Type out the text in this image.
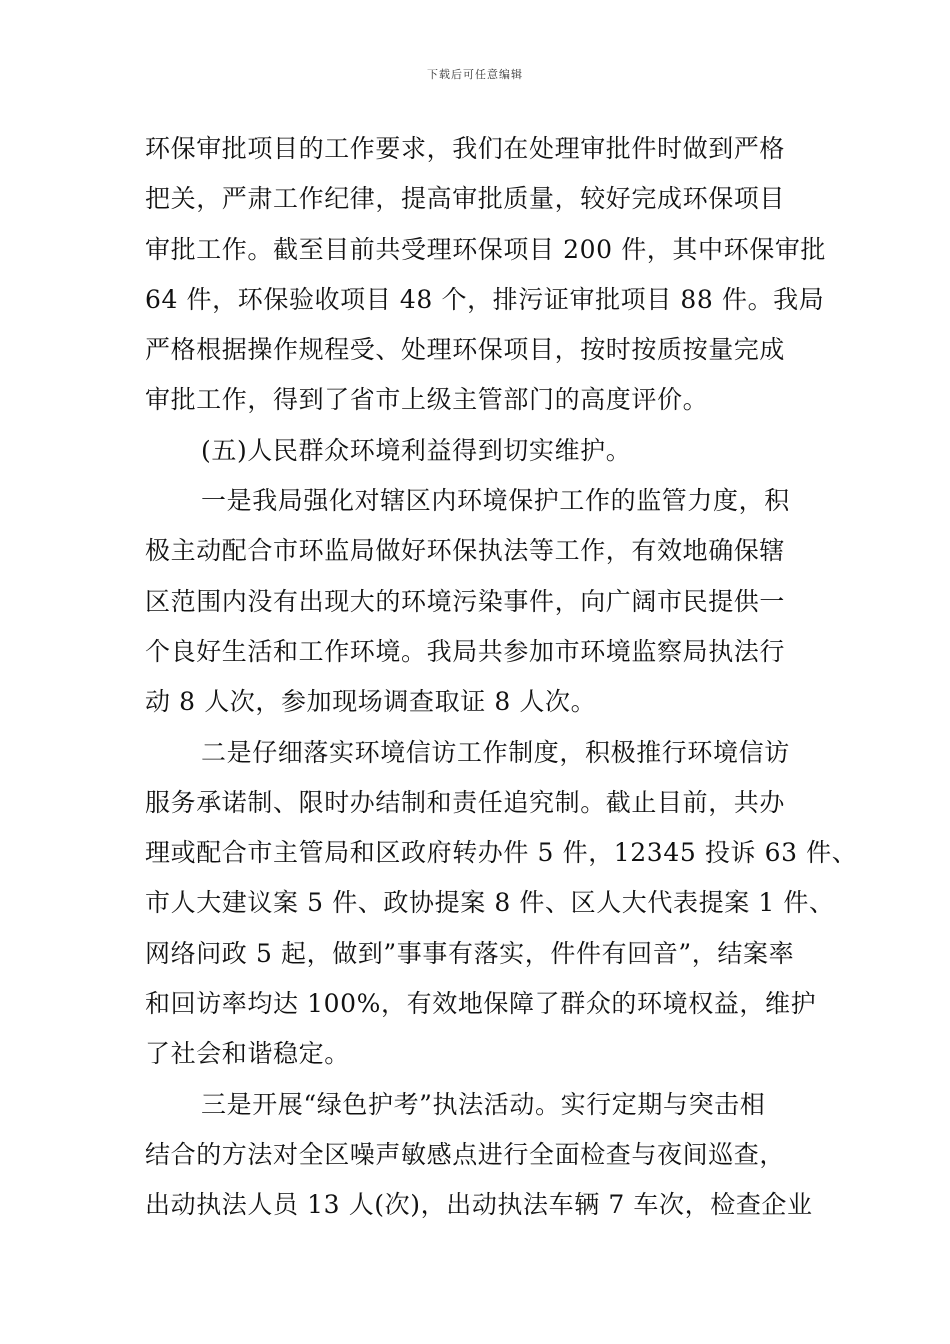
下载后可任意编辑
环保审批项目的工作要求，我们在处理审批件时做到严格
把关，严肃工作纪律，提高审批质量，较好完成环保项目
审批工作。截至目前共受理环保项目 200 件，其中环保审批
64 件，环保验收项目 48 个，排污证审批项目 88 件。我局
严格根据操作规程受、处理环保项目，按时按质按量完成
审批工作，得到了省市上级主管部门的高度评价。
(五)人民群众环境利益得到切实维护。
一是我局强化对辖区内环境保护工作的监管力度，积
极主动配合市环监局做好环保执法等工作，有效地确保辖
区范围内没有出现大的环境污染事件，向广阔市民提供一
个良好生活和工作环境。我局共参加市环境监察局执法行
动 8 人次，参加现场调查取证 8 人次。
二是仔细落实环境信访工作制度，积极推行环境信访
服务承诺制、限时办结制和责任追究制。截止目前，共办
理或配合市主管局和区政府转办件 5 件，12345 投诉 63 件、
市人大建议案 5 件、政协提案 8 件、区人大代表提案 1 件、
网络问政 5 起，做到”事事有落实，件件有回音”，结案率
和回访率均达 100%，有效地保障了群众的环境权益，维护
了社会和谐稳定。
三是开展“绿色护考”执法活动。实行定期与突击相
结合的方法对全区噪声敏感点进行全面检查与夜间巡查，
出动执法人员 13 人(次)，出动执法车辆 7 车次，检查企业
